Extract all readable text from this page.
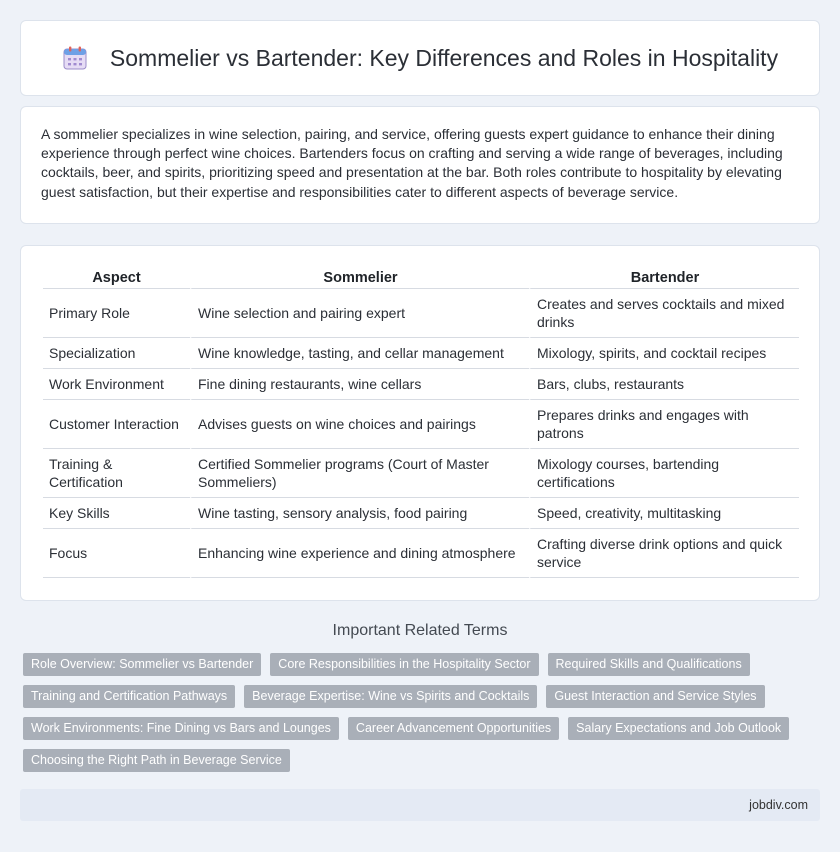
Sommelier vs Bartender: Key Differences and Roles in Hospitality

A sommelier specializes in wine selection, pairing, and service, offering guests expert guidance to enhance their dining experience through perfect wine choices. Bartenders focus on crafting and serving a wide range of beverages, including cocktails, beer, and spirits, prioritizing speed and presentation at the bar. Both roles contribute to hospitality by elevating guest satisfaction, but their expertise and responsibilities cater to different aspects of beverage service.

Aspect	Sommelier	Bartender
Primary Role	Wine selection and pairing expert	Creates and serves cocktails and mixed drinks
Specialization	Wine knowledge, tasting, and cellar management	Mixology, spirits, and cocktail recipes
Work Environment	Fine dining restaurants, wine cellars	Bars, clubs, restaurants
Customer Interaction	Advises guests on wine choices and pairings	Prepares drinks and engages with patrons
Training & Certification	Certified Sommelier programs (Court of Master Sommeliers)	Mixology courses, bartending certifications
Key Skills	Wine tasting, sensory analysis, food pairing	Speed, creativity, multitasking
Focus	Enhancing wine experience and dining atmosphere	Crafting diverse drink options and quick service
Important Related Terms
Role Overview: Sommelier vs Bartender	Core Responsibilities in the Hospitality Sector	Required Skills and Qualifications
Training and Certification Pathways	Beverage Expertise: Wine vs Spirits and Cocktails	Guest Interaction and Service Styles
Work Environments: Fine Dining vs Bars and Lounges	Career Advancement Opportunities	Salary Expectations and Job Outlook
Choosing the Right Path in Beverage Service
jobdiv.com
